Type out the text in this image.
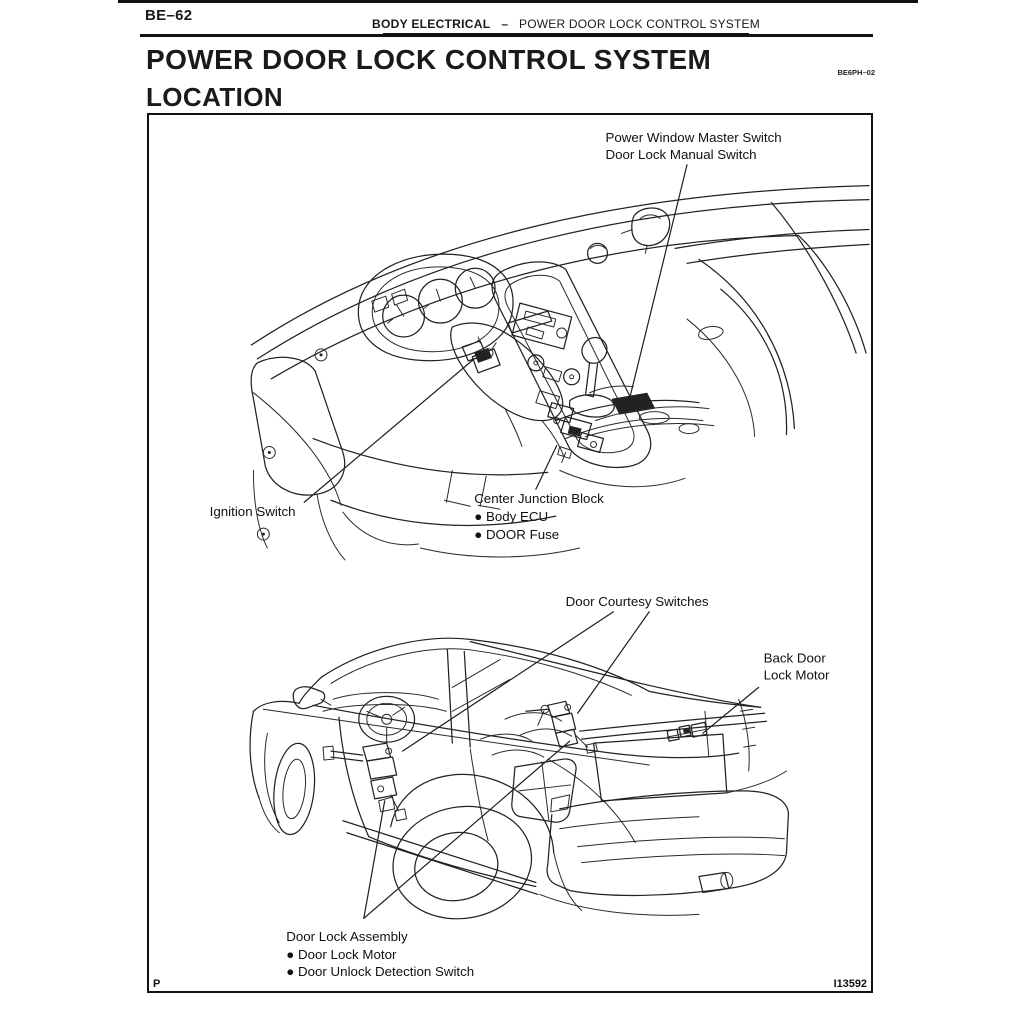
BE–62	BODY ELECTRICAL – POWER DOOR LOCK CONTROL SYSTEM
POWER DOOR LOCK CONTROL SYSTEM	BE6PH–02
LOCATION
Power Window Master Switch
Door Lock Manual Switch
Ignition Switch
Center Junction Block
● Body ECU
● DOOR Fuse
Door Courtesy Switches
Back Door
Lock Motor
Door Lock Assembly
● Door Lock Motor
● Door Unlock Detection Switch
P	I13592
